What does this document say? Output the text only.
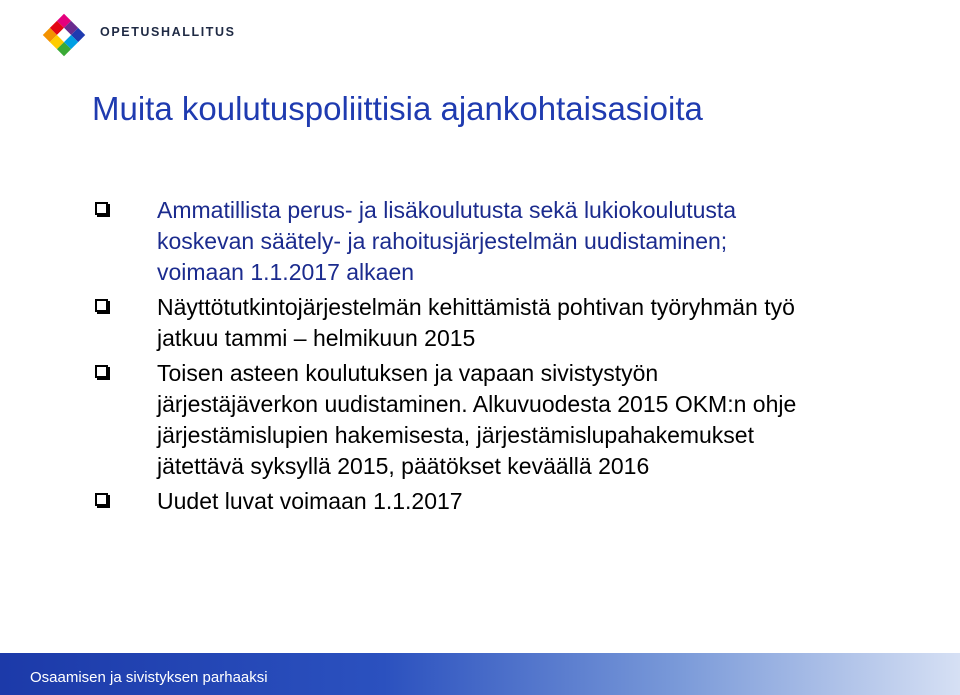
OPETUSHALLITUS
Muita koulutuspoliittisia ajankohtaisasioita
Ammatillista perus- ja lisäkoulutusta sekä lukiokoulutusta
koskevan säätely- ja rahoitusjärjestelmän uudistaminen;
voimaan 1.1.2017 alkaen
Näyttötutkintojärjestelmän kehittämistä pohtivan työryhmän työ
jatkuu tammi – helmikuun 2015
Toisen asteen koulutuksen ja vapaan sivistystyön
järjestäjäverkon uudistaminen. Alkuvuodesta 2015 OKM:n ohje
järjestämislupien hakemisesta, järjestämislupahakemukset
jätettävä syksyllä 2015, päätökset keväällä 2016
Uudet luvat voimaan 1.1.2017
Osaamisen ja sivistyksen parhaaksi
